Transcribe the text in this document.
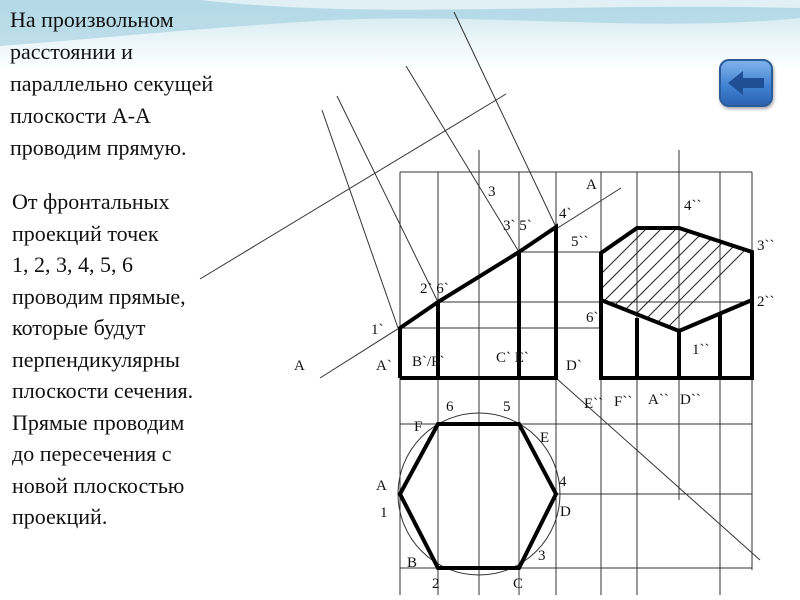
На произвольном
расстоянии и
параллельно секущей
плоскости А-А
проводим прямую.
От фронтальных
проекций точек
1, 2, 3, 4, 5, 6
проводим прямые,
которые будут
перпендикулярны
плоскости сечения.
Прямые проводим
до пересечения с
новой плоскостью
проекций.
A
A
3
3` 5`
4`
2` 6`
1`
A` B`/F`	C` E` D`
4``
5``	3``
2``
6``
1``
E`` F`` A`` D``
6	5
F
E
A	4
1	D
B	3
2	C
